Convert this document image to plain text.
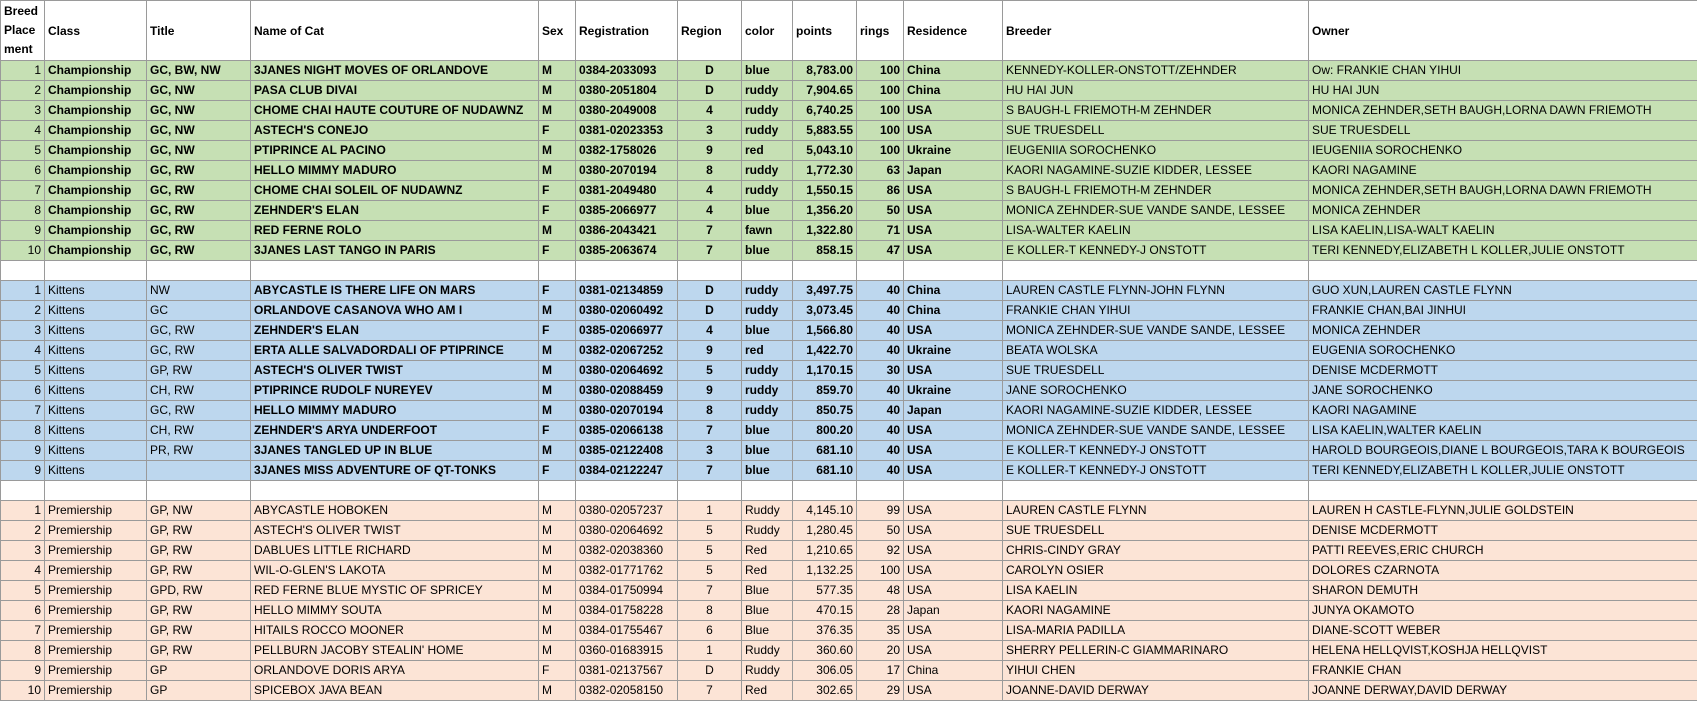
Breed Place ment	Class	Title	Name of Cat	Sex	Registration	Region	color	points	rings	Residence	Breeder	Owner
1	Championship	GC, BW, NW	3JANES NIGHT MOVES OF ORLANDOVE	M	0384-2033093	D	blue	8,783.00	100	China	KENNEDY-KOLLER-ONSTOTT/ZEHNDER	Ow: FRANKIE CHAN YIHUI
2	Championship	GC, NW	PASA CLUB DIVAI	M	0380-2051804	D	ruddy	7,904.65	100	China	HU HAI JUN	HU HAI JUN
3	Championship	GC, NW	CHOME CHAI HAUTE COUTURE OF NUDAWNZ	M	0380-2049008	4	ruddy	6,740.25	100	USA	S BAUGH-L FRIEMOTH-M ZEHNDER	MONICA ZEHNDER,SETH BAUGH,LORNA DAWN FRIEMOTH
4	Championship	GC, NW	ASTECH'S CONEJO	F	0381-02023353	3	ruddy	5,883.55	100	USA	SUE TRUESDELL	SUE TRUESDELL
5	Championship	GC, NW	PTIPRINCE AL PACINO	M	0382-1758026	9	red	5,043.10	100	Ukraine	IEUGENIIA SOROCHENKO	IEUGENIIA SOROCHENKO
6	Championship	GC, RW	HELLO MIMMY MADURO	M	0380-2070194	8	ruddy	1,772.30	63	Japan	KAORI NAGAMINE-SUZIE KIDDER, LESSEE	KAORI NAGAMINE
7	Championship	GC, RW	CHOME CHAI SOLEIL OF NUDAWNZ	F	0381-2049480	4	ruddy	1,550.15	86	USA	S BAUGH-L FRIEMOTH-M ZEHNDER	MONICA ZEHNDER,SETH BAUGH,LORNA DAWN FRIEMOTH
8	Championship	GC, RW	ZEHNDER'S ELAN	F	0385-2066977	4	blue	1,356.20	50	USA	MONICA ZEHNDER-SUE VANDE SANDE, LESSEE	MONICA ZEHNDER
9	Championship	GC, RW	RED FERNE ROLO	M	0386-2043421	7	fawn	1,322.80	71	USA	LISA-WALTER KAELIN	LISA KAELIN,LISA-WALT KAELIN
10	Championship	GC, RW	3JANES LAST TANGO IN PARIS	F	0385-2063674	7	blue	858.15	47	USA	E KOLLER-T KENNEDY-J ONSTOTT	TERI KENNEDY,ELIZABETH L KOLLER,JULIE ONSTOTT

1	Kittens	NW	ABYCASTLE IS THERE LIFE ON MARS	F	0381-02134859	D	ruddy	3,497.75	40	China	LAUREN CASTLE FLYNN-JOHN FLYNN	GUO XUN,LAUREN CASTLE FLYNN
2	Kittens	GC	ORLANDOVE CASANOVA WHO AM I	M	0380-02060492	D	ruddy	3,073.45	40	China	FRANKIE CHAN YIHUI	FRANKIE CHAN,BAI JINHUI
3	Kittens	GC, RW	ZEHNDER'S ELAN	F	0385-02066977	4	blue	1,566.80	40	USA	MONICA ZEHNDER-SUE VANDE SANDE, LESSEE	MONICA ZEHNDER
4	Kittens	GC, RW	ERTA ALLE SALVADORDALI OF PTIPRINCE	M	0382-02067252	9	red	1,422.70	40	Ukraine	BEATA WOLSKA	EUGENIA SOROCHENKO
5	Kittens	GP, RW	ASTECH'S OLIVER TWIST	M	0380-02064692	5	ruddy	1,170.15	30	USA	SUE TRUESDELL	DENISE MCDERMOTT
6	Kittens	CH, RW	PTIPRINCE RUDOLF NUREYEV	M	0380-02088459	9	ruddy	859.70	40	Ukraine	JANE SOROCHENKO	JANE SOROCHENKO
7	Kittens	GC, RW	HELLO MIMMY MADURO	M	0380-02070194	8	ruddy	850.75	40	Japan	KAORI NAGAMINE-SUZIE KIDDER, LESSEE	KAORI NAGAMINE
8	Kittens	CH, RW	ZEHNDER'S ARYA UNDERFOOT	F	0385-02066138	7	blue	800.20	40	USA	MONICA ZEHNDER-SUE VANDE SANDE, LESSEE	LISA KAELIN,WALTER KAELIN
9	Kittens	PR, RW	3JANES TANGLED UP IN BLUE	M	0385-02122408	3	blue	681.10	40	USA	E KOLLER-T KENNEDY-J ONSTOTT	HAROLD BOURGEOIS,DIANE L BOURGEOIS,TARA K BOURGEOIS
9	Kittens		3JANES MISS ADVENTURE OF QT-TONKS	F	0384-02122247	7	blue	681.10	40	USA	E KOLLER-T KENNEDY-J ONSTOTT	TERI KENNEDY,ELIZABETH L KOLLER,JULIE ONSTOTT

1	Premiership	GP, NW	ABYCASTLE HOBOKEN	M	0380-02057237	1	Ruddy	4,145.10	99	USA	LAUREN CASTLE FLYNN	LAUREN H CASTLE-FLYNN,JULIE GOLDSTEIN
2	Premiership	GP, RW	ASTECH'S OLIVER TWIST	M	0380-02064692	5	Ruddy	1,280.45	50	USA	SUE TRUESDELL	DENISE MCDERMOTT
3	Premiership	GP, RW	DABLUES LITTLE RICHARD	M	0382-02038360	5	Red	1,210.65	92	USA	CHRIS-CINDY GRAY	PATTI REEVES,ERIC CHURCH
4	Premiership	GP, RW	WIL-O-GLEN'S LAKOTA	M	0382-01771762	5	Red	1,132.25	100	USA	CAROLYN OSIER	DOLORES CZARNOTA
5	Premiership	GPD, RW	RED FERNE BLUE MYSTIC OF SPRICEY	M	0384-01750994	7	Blue	577.35	48	USA	LISA KAELIN	SHARON DEMUTH
6	Premiership	GP, RW	HELLO MIMMY SOUTA	M	0384-01758228	8	Blue	470.15	28	Japan	KAORI NAGAMINE	JUNYA OKAMOTO
7	Premiership	GP, RW	HITAILS ROCCO MOONER	M	0384-01755467	6	Blue	376.35	35	USA	LISA-MARIA PADILLA	DIANE-SCOTT WEBER
8	Premiership	GP, RW	PELLBURN JACOBY STEALIN' HOME	M	0360-01683915	1	Ruddy	360.60	20	USA	SHERRY PELLERIN-C GIAMMARINARO	HELENA HELLQVIST,KOSHJA HELLQVIST
9	Premiership	GP	ORLANDOVE DORIS ARYA	F	0381-02137567	D	Ruddy	306.05	17	China	YIHUI CHEN	FRANKIE CHAN
10	Premiership	GP	SPICEBOX JAVA BEAN	M	0382-02058150	7	Red	302.65	29	USA	JOANNE-DAVID DERWAY	JOANNE DERWAY,DAVID DERWAY
